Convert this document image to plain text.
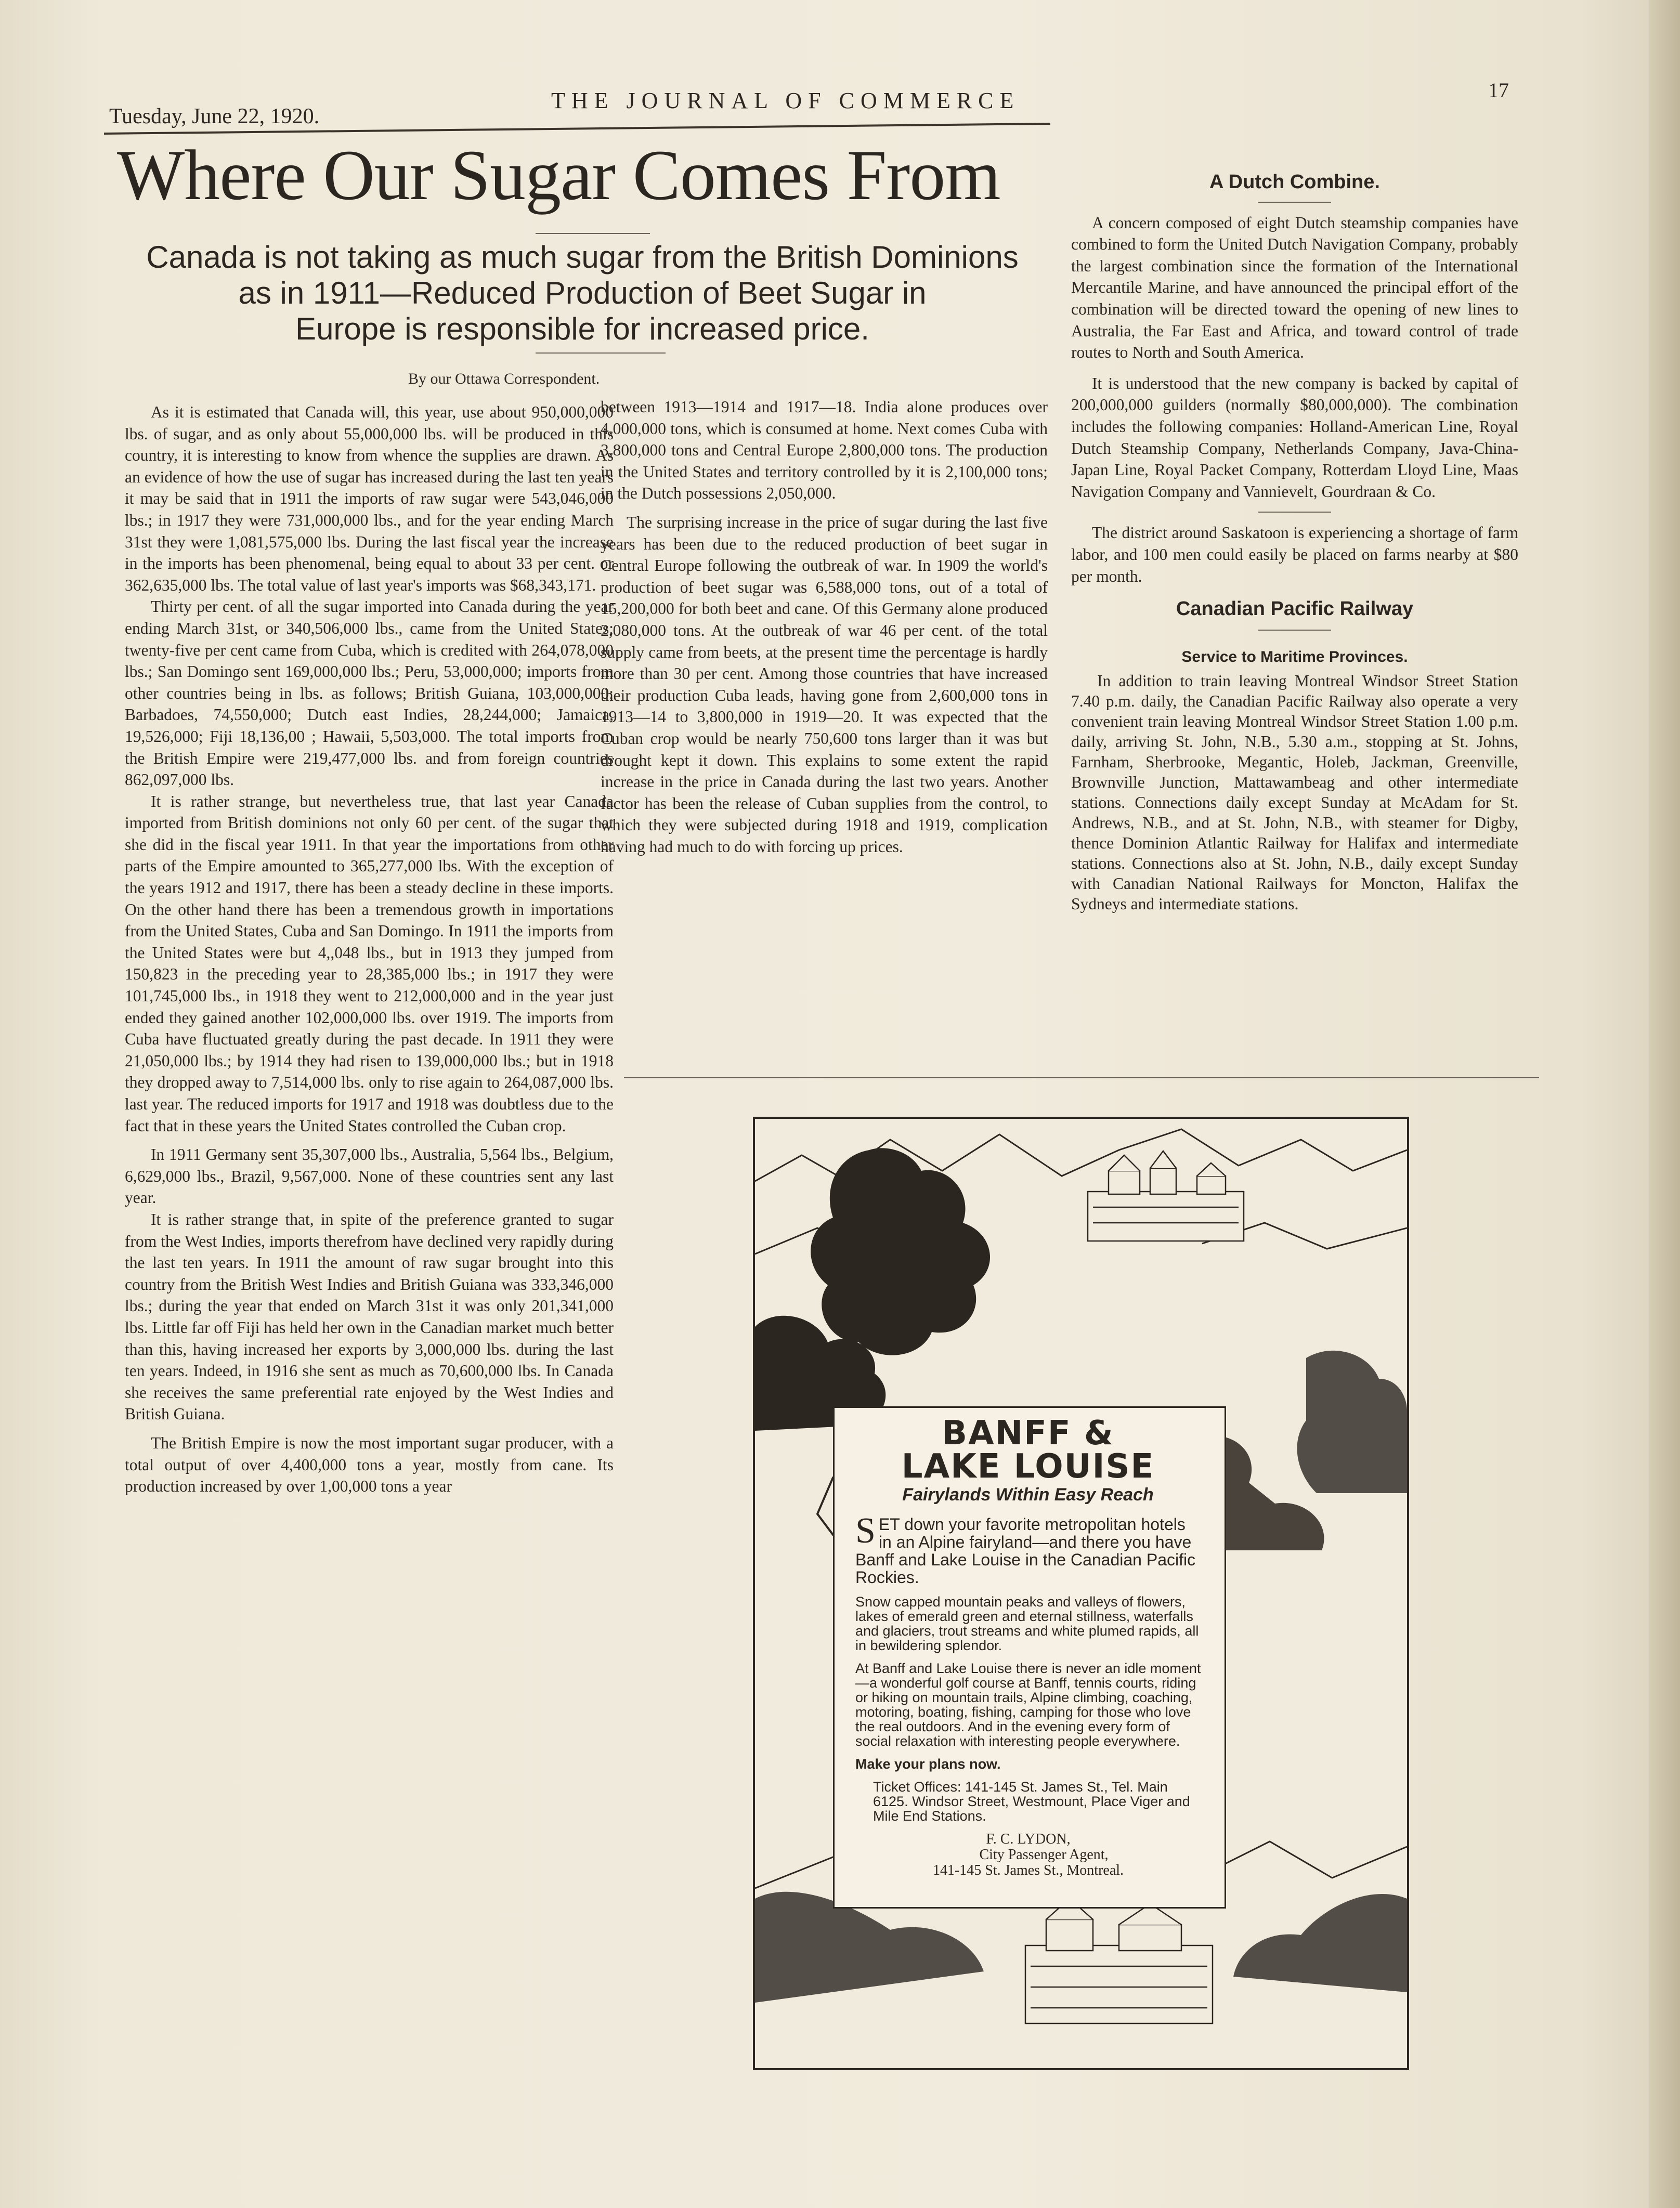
Tuesday, June 22, 1920.
THE JOURNAL OF COMMERCE	17
Where Our Sugar Comes From
Canada is not taking as much sugar from the British Dominions
as in 1911—Reduced Production of Beet Sugar in
Europe is responsible for increased price.
By our Ottawa Correspondent.

As it is estimated that Canada will, this year, use about 950,000,000 lbs. of sugar, and as only about 55,000,000 lbs. will be produced in this country, it is interesting to know from whence the supplies are drawn. As an evidence of how the use of sugar has increased during the last ten years it may be said that in 1911 the imports of raw sugar were 543,046,000 lbs.; in 1917 they were 731,000,000 lbs., and for the year ending March 31st they were 1,081,575,000 lbs. During the last fiscal year the increase in the imports has been phenomenal, being equal to about 33 per cent. or 362,635,000 lbs. The total value of last year's imports was $68,343,171.

Thirty per cent. of all the sugar imported into Canada during the year ending March 31st, or 340,506,000 lbs., came from the United States; twenty-five per cent came from Cuba, which is credited with 264,078,000 lbs.; San Domingo sent 169,000,000 lbs.; Peru, 53,000,000; imports from other countries being in lbs. as follows; British Guiana, 103,000,000; Barbadoes, 74,550,000; Dutch east Indies, 28,244,000; Jamaica, 19,526,000; Fiji 18,136,00 ; Hawaii, 5,503,000. The total imports from the British Empire were 219,477,000 lbs. and from foreign countries 862,097,000 lbs.

It is rather strange, but nevertheless true, that last year Canada imported from British dominions not only 60 per cent. of the sugar that she did in the fiscal year 1911. In that year the importations from other parts of the Empire amounted to 365,277,000 lbs. With the exception of the years 1912 and 1917, there has been a steady decline in these imports. On the other hand there has been a tremendous growth in importations from the United States, Cuba and San Domingo. In 1911 the imports from the United States were but 4,,048 lbs., but in 1913 they jumped from 150,823 in the preceding year to 28,385,000 lbs.; in 1917 they were 101,745,000 lbs., in 1918 they went to 212,000,000 and in the year just ended they gained another 102,000,000 lbs. over 1919. The imports from Cuba have fluctuated greatly during the past decade. In 1911 they were 21,050,000 lbs.; by 1914 they had risen to 139,000,000 lbs.; but in 1918 they dropped away to 7,514,000 lbs. only to rise again to 264,087,000 lbs. last year. The reduced imports for 1917 and 1918 was doubtless due to the fact that in these years the United States controlled the Cuban crop.

In 1911 Germany sent 35,307,000 lbs., Australia, 5,564 lbs., Belgium, 6,629,000 lbs., Brazil, 9,567,000. None of these countries sent any last year.

It is rather strange that, in spite of the preference granted to sugar from the West Indies, imports therefrom have declined very rapidly during the last ten years. In 1911 the amount of raw sugar brought into this country from the British West Indies and British Guiana was 333,346,000 lbs.; during the year that ended on March 31st it was only 201,341,000 lbs. Little far off Fiji has held her own in the Canadian market much better than this, having increased her exports by 3,000,000 lbs. during the last ten years. Indeed, in 1916 she sent as much as 70,600,000 lbs. In Canada she receives the same preferential rate enjoyed by the West Indies and British Guiana.

The British Empire is now the most important sugar producer, with a total output of over 4,400,000 tons a year, mostly from cane. Its production increased by over 1,00,000 tons a year

between 1913—1914 and 1917—18. India alone produces over 4,000,000 tons, which is consumed at home. Next comes Cuba with 3,800,000 tons and Central Europe 2,800,000 tons. The production in the United States and territory controlled by it is 2,100,000 tons; in the Dutch possessions 2,050,000.

The surprising increase in the price of sugar during the last five years has been due to the reduced production of beet sugar in Central Europe following the outbreak of war. In 1909 the world's production of beet sugar was 6,588,000 tons, out of a total of 15,200,000 for both beet and cane. Of this Germany alone produced 2,080,000 tons. At the outbreak of war 46 per cent. of the total supply came from beets, at the present time the percentage is hardly more than 30 per cent. Among those countries that have increased their production Cuba leads, having gone from 2,600,000 tons in 1913—14 to 3,800,000 in 1919—20. It was expected that the Cuban crop would be nearly 750,600 tons larger than it was but drought kept it down. This explains to some extent the rapid increase in the price in Canada during the last two years. Another factor has been the release of Cuban supplies from the control, to which they were subjected during 1918 and 1919, complication having had much to do with forcing up prices.

A Dutch Combine.

A concern composed of eight Dutch steamship companies have combined to form the United Dutch Navigation Company, probably the largest combination since the formation of the International Mercantile Marine, and have announced the principal effort of the combination will be directed toward the opening of new lines to Australia, the Far East and Africa, and toward control of trade routes to North and South America.

It is understood that the new company is backed by capital of 200,000,000 guilders (normally $80,000,000). The combination includes the following companies: Holland-American Line, Royal Dutch Steamship Company, Netherlands Company, Java-China-Japan Line, Royal Packet Company, Rotterdam Lloyd Line, Maas Navigation Company and Vannievelt, Gourdraan & Co.

The district around Saskatoon is experiencing a shortage of farm labor, and 100 men could easily be placed on farms nearby at $80 per month.

Canadian Pacific Railway
Service to Maritime Provinces.

In addition to train leaving Montreal Windsor Street Station 7.40 p.m. daily, the Canadian Pacific Railway also operate a very convenient train leaving Montreal Windsor Street Station 1.00 p.m. daily, arriving St. John, N.B., 5.30 a.m., stopping at St. Johns, Farnham, Sherbrooke, Megantic, Holeb, Jackman, Greenville, Brownville Junction, Mattawambeag and other intermediate stations. Connections daily except Sunday at McAdam for St. Andrews, N.B., and at St. John, N.B., with steamer for Digby, thence Dominion Atlantic Railway for Halifax and intermediate stations. Connections also at St. John, N.B., daily except Sunday with Canadian National Railways for Moncton, Halifax the Sydneys and intermediate stations.

BANFF &
LAKE LOUISE
Fairylands Within Easy Reach

SET down your favorite metropolitan hotels in an Alpine fairyland—and there you have Banff and Lake Louise in the Canadian Pacific Rockies.

Snow capped mountain peaks and valleys of flowers, lakes of emerald green and eternal stillness, waterfalls and glaciers, trout streams and white plumed rapids, all in bewildering splendor.

At Banff and Lake Louise there is never an idle moment—a wonderful golf course at Banff, tennis courts, riding or hiking on mountain trails, Alpine climbing, coaching, motoring, boating, fishing, camping for those who love the real outdoors. And in the evening every form of social relaxation with interesting people everywhere.

Make your plans now.

Ticket Offices: 141-145 St. James St., Tel. Main 6125. Windsor Street, Westmount, Place Viger and Mile End Stations.

F. C. LYDON,
City Passenger Agent,
141-145 St. James St., Montreal.
